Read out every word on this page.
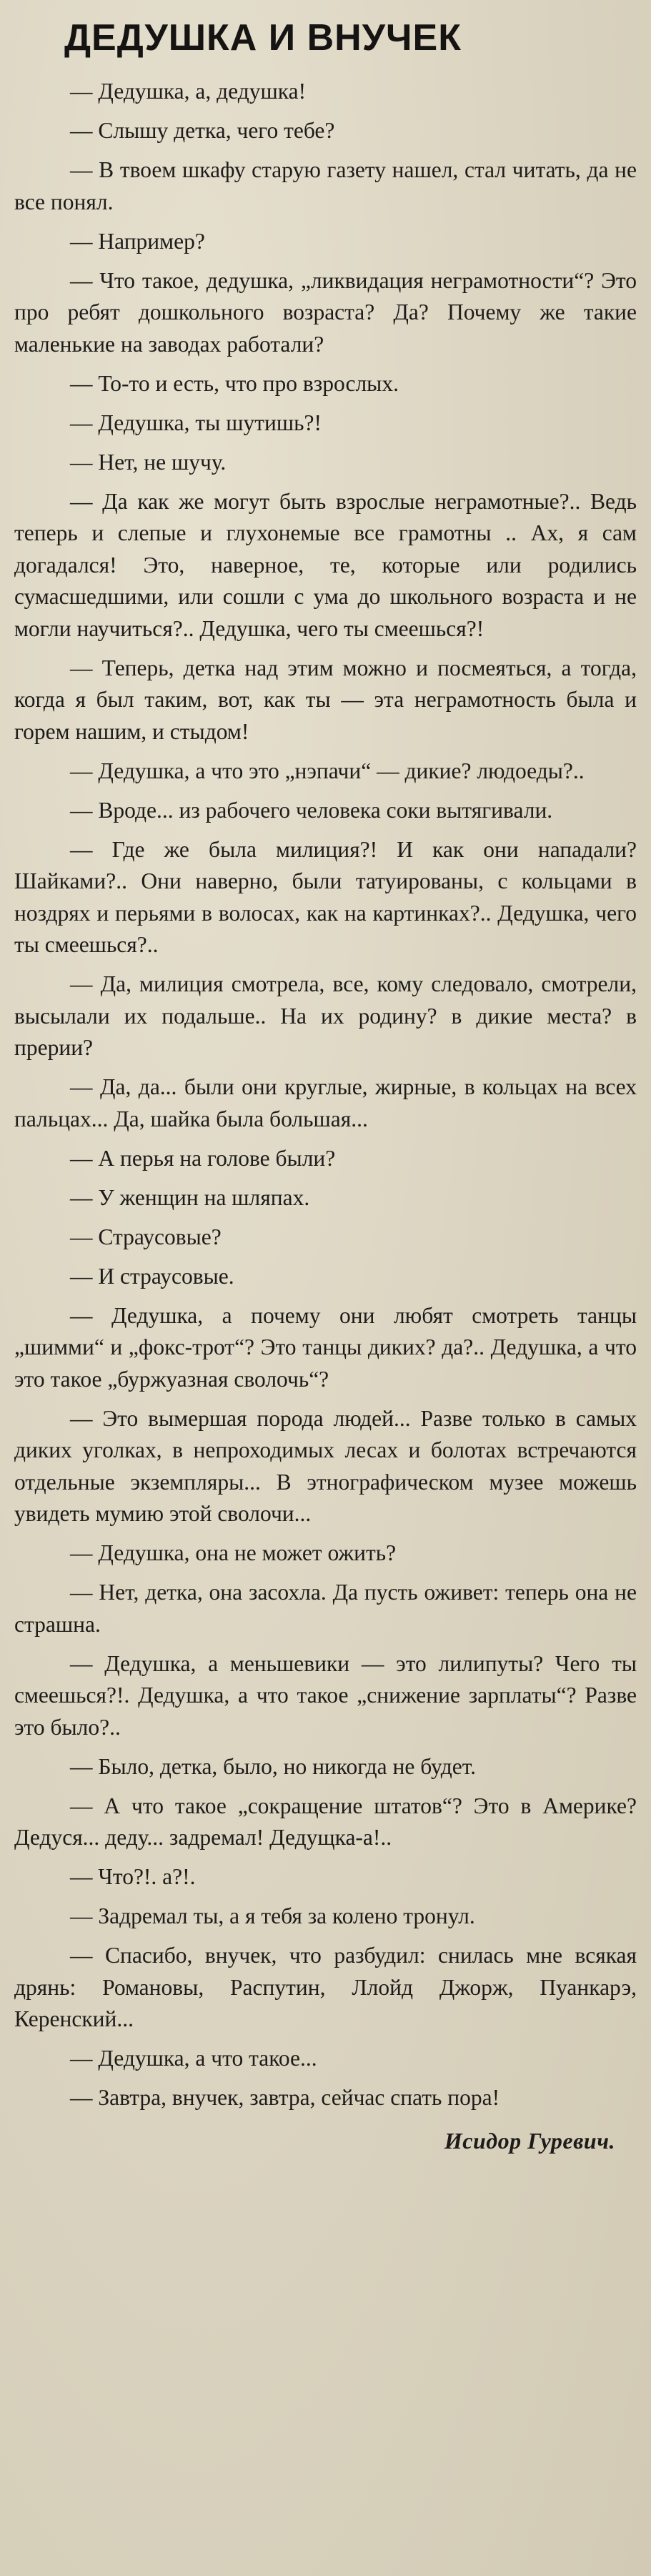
ДЕДУШКА И ВНУЧЕК

— Дедушка, а, дедушка!

— Слышу детка, чего тебе?

— В твоем шкафу старую газету нашел, стал читать, да не все понял.

— Например?

— Что такое, дедушка, „ликвидация неграмотности“? Это про ребят дошкольного возраста? Да? Почему же такие маленькие на заводах работали?

— То-то и есть, что про взрослых.

— Дедушка, ты шутишь?!

— Нет, не шучу.

— Да как же могут быть взрослые неграмотные?.. Ведь теперь и слепые и глухонемые все грамотны .. Ах, я сам догадался! Это, наверное, те, которые или родились сумасшедшими, или сошли с ума до школьного возраста и не могли научиться?.. Дедушка, чего ты смеешься?!

— Теперь, детка над этим можно и посмеяться, а тогда, когда я был таким, вот, как ты — эта неграмотность была и горем нашим, и стыдом!

— Дедушка, а что это „нэпачи“ — дикие? людоеды?..

— Вроде... из рабочего человека соки вытягивали.

— Где же была милиция?! И как они нападали? Шайками?.. Они наверно, были татуированы, с кольцами в ноздрях и перьями в волосах, как на картинках?.. Дедушка, чего ты смеешься?..

— Да, милиция смотрела, все, кому следовало, смотрели, высылали их подальше.. На их родину? в дикие места? в прерии?

— Да, да... были они круглые, жирные, в кольцах на всех пальцах... Да, шайка была большая...

— А перья на голове были?

— У женщин на шляпах.

— Страусовые?

— И страусовые.

— Дедушка, а почему они любят смотреть танцы „шимми“ и „фокс-трот“? Это танцы диких? да?.. Дедушка, а что это такое „буржуазная сволочь“?

— Это вымершая порода людей... Разве только в самых диких уголках, в непроходимых лесах и болотах встречаются отдельные экземпляры... В этнографическом музее можешь увидеть мумию этой сволочи...

— Дедушка, она не может ожить?

— Нет, детка, она засохла. Да пусть оживет: теперь она не страшна.

— Дедушка, а меньшевики — это лилипуты? Чего ты смеешься?!. Дедушка, а что такое „снижение зарплаты“? Разве это было?..

— Было, детка, было, но никогда не будет.

— А что такое „сокращение штатов“? Это в Америке? Дедуся... деду... задремал! Дедущка-а!..

— Что?!. а?!.

— Задремал ты, а я тебя за колено тронул.

— Спасибо, внучек, что разбудил: снилась мне всякая дрянь: Романовы, Распутин, Ллойд Джорж, Пуанкарэ, Керенский...

— Дедушка, а что такое...

— Завтра, внучек, завтра, сейчас спать пора!

Исидор Гуревич.
